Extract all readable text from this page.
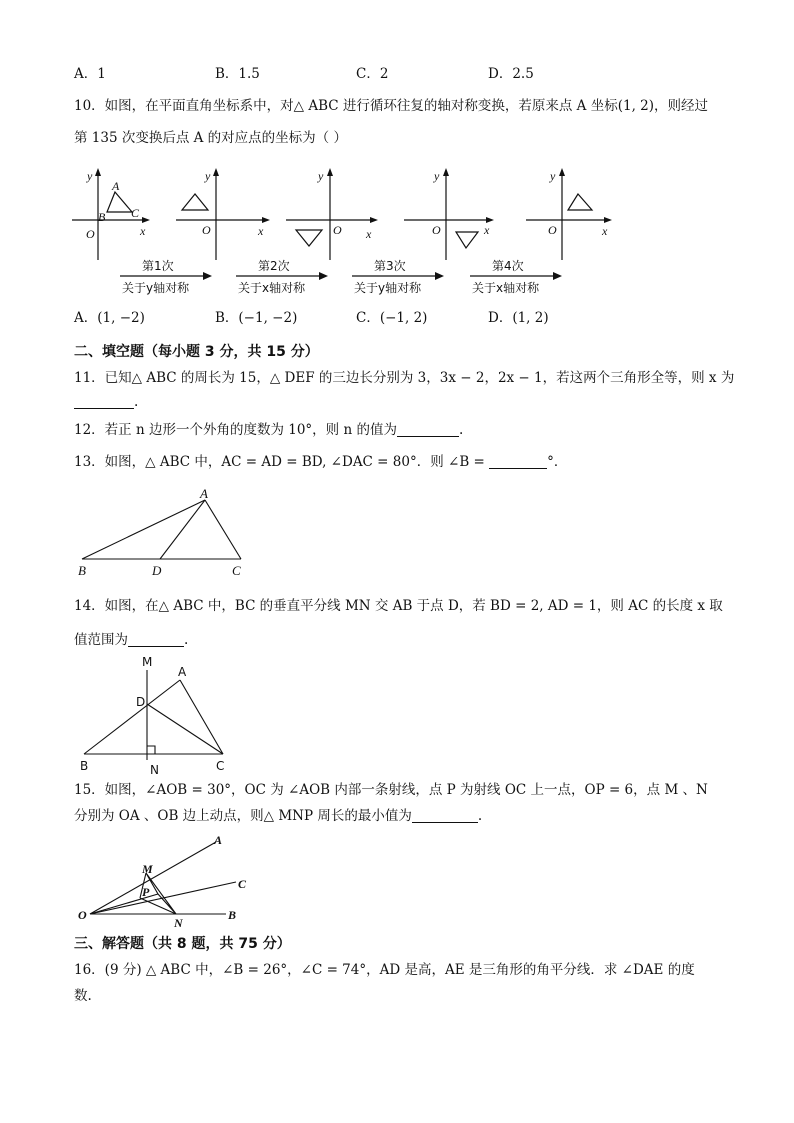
A．1	B．1.5	C．2	D．2.5
10．如图，在平面直角坐标系中，对△ ABC 进行循环往复的轴对称变换，若原来点 A 坐标(1, 2)，则经过
第 135 次变换后点 A 的对应点的坐标为（ ）
y
x
O
A
B C
y
x
O
y
x
O
y
x
O
y
x
O
第1次
关于y轴对称
第2次
关于x轴对称
第3次
关于y轴对称
第4次
关于x轴对称
A．(1, −2)	B．(−1, −2)	C．(−1, 2)	D．(1, 2)
二、填空题（每小题 3 分，共 15 分）
11．已知△ ABC 的周长为 15，△ DEF 的三边长分别为 3，3x − 2，2x − 1，若这两个三角形全等，则 x 为
.
12．若正 n 边形一个外角的度数为 10°，则 n 的值为	.
13．如图，△ ABC 中，AC = AD = BD, ∠DAC = 80°．则 ∠B =	°．
A
B	D	C
14．如图，在△ ABC 中，BC 的垂直平分线 MN 交 AB 于点 D，若 BD = 2, AD = 1，则 AC 的长度 x 取
值范围为	.
M
A
D
B	N	C
15．如图，∠AOB = 30°，OC 为 ∠AOB 内部一条射线，点 P 为射线 OC 上一点，OP = 6，点 M 、N
分别为 OA 、OB 边上动点，则△ MNP 周长的最小值为	.
A
C
M
P
O
N
B
三、解答题（共 8 题，共 75 分）
16．(9 分) △ ABC 中，∠B = 26°，∠C = 74°，AD 是高，AE 是三角形的角平分线．求 ∠DAE 的度
数.
